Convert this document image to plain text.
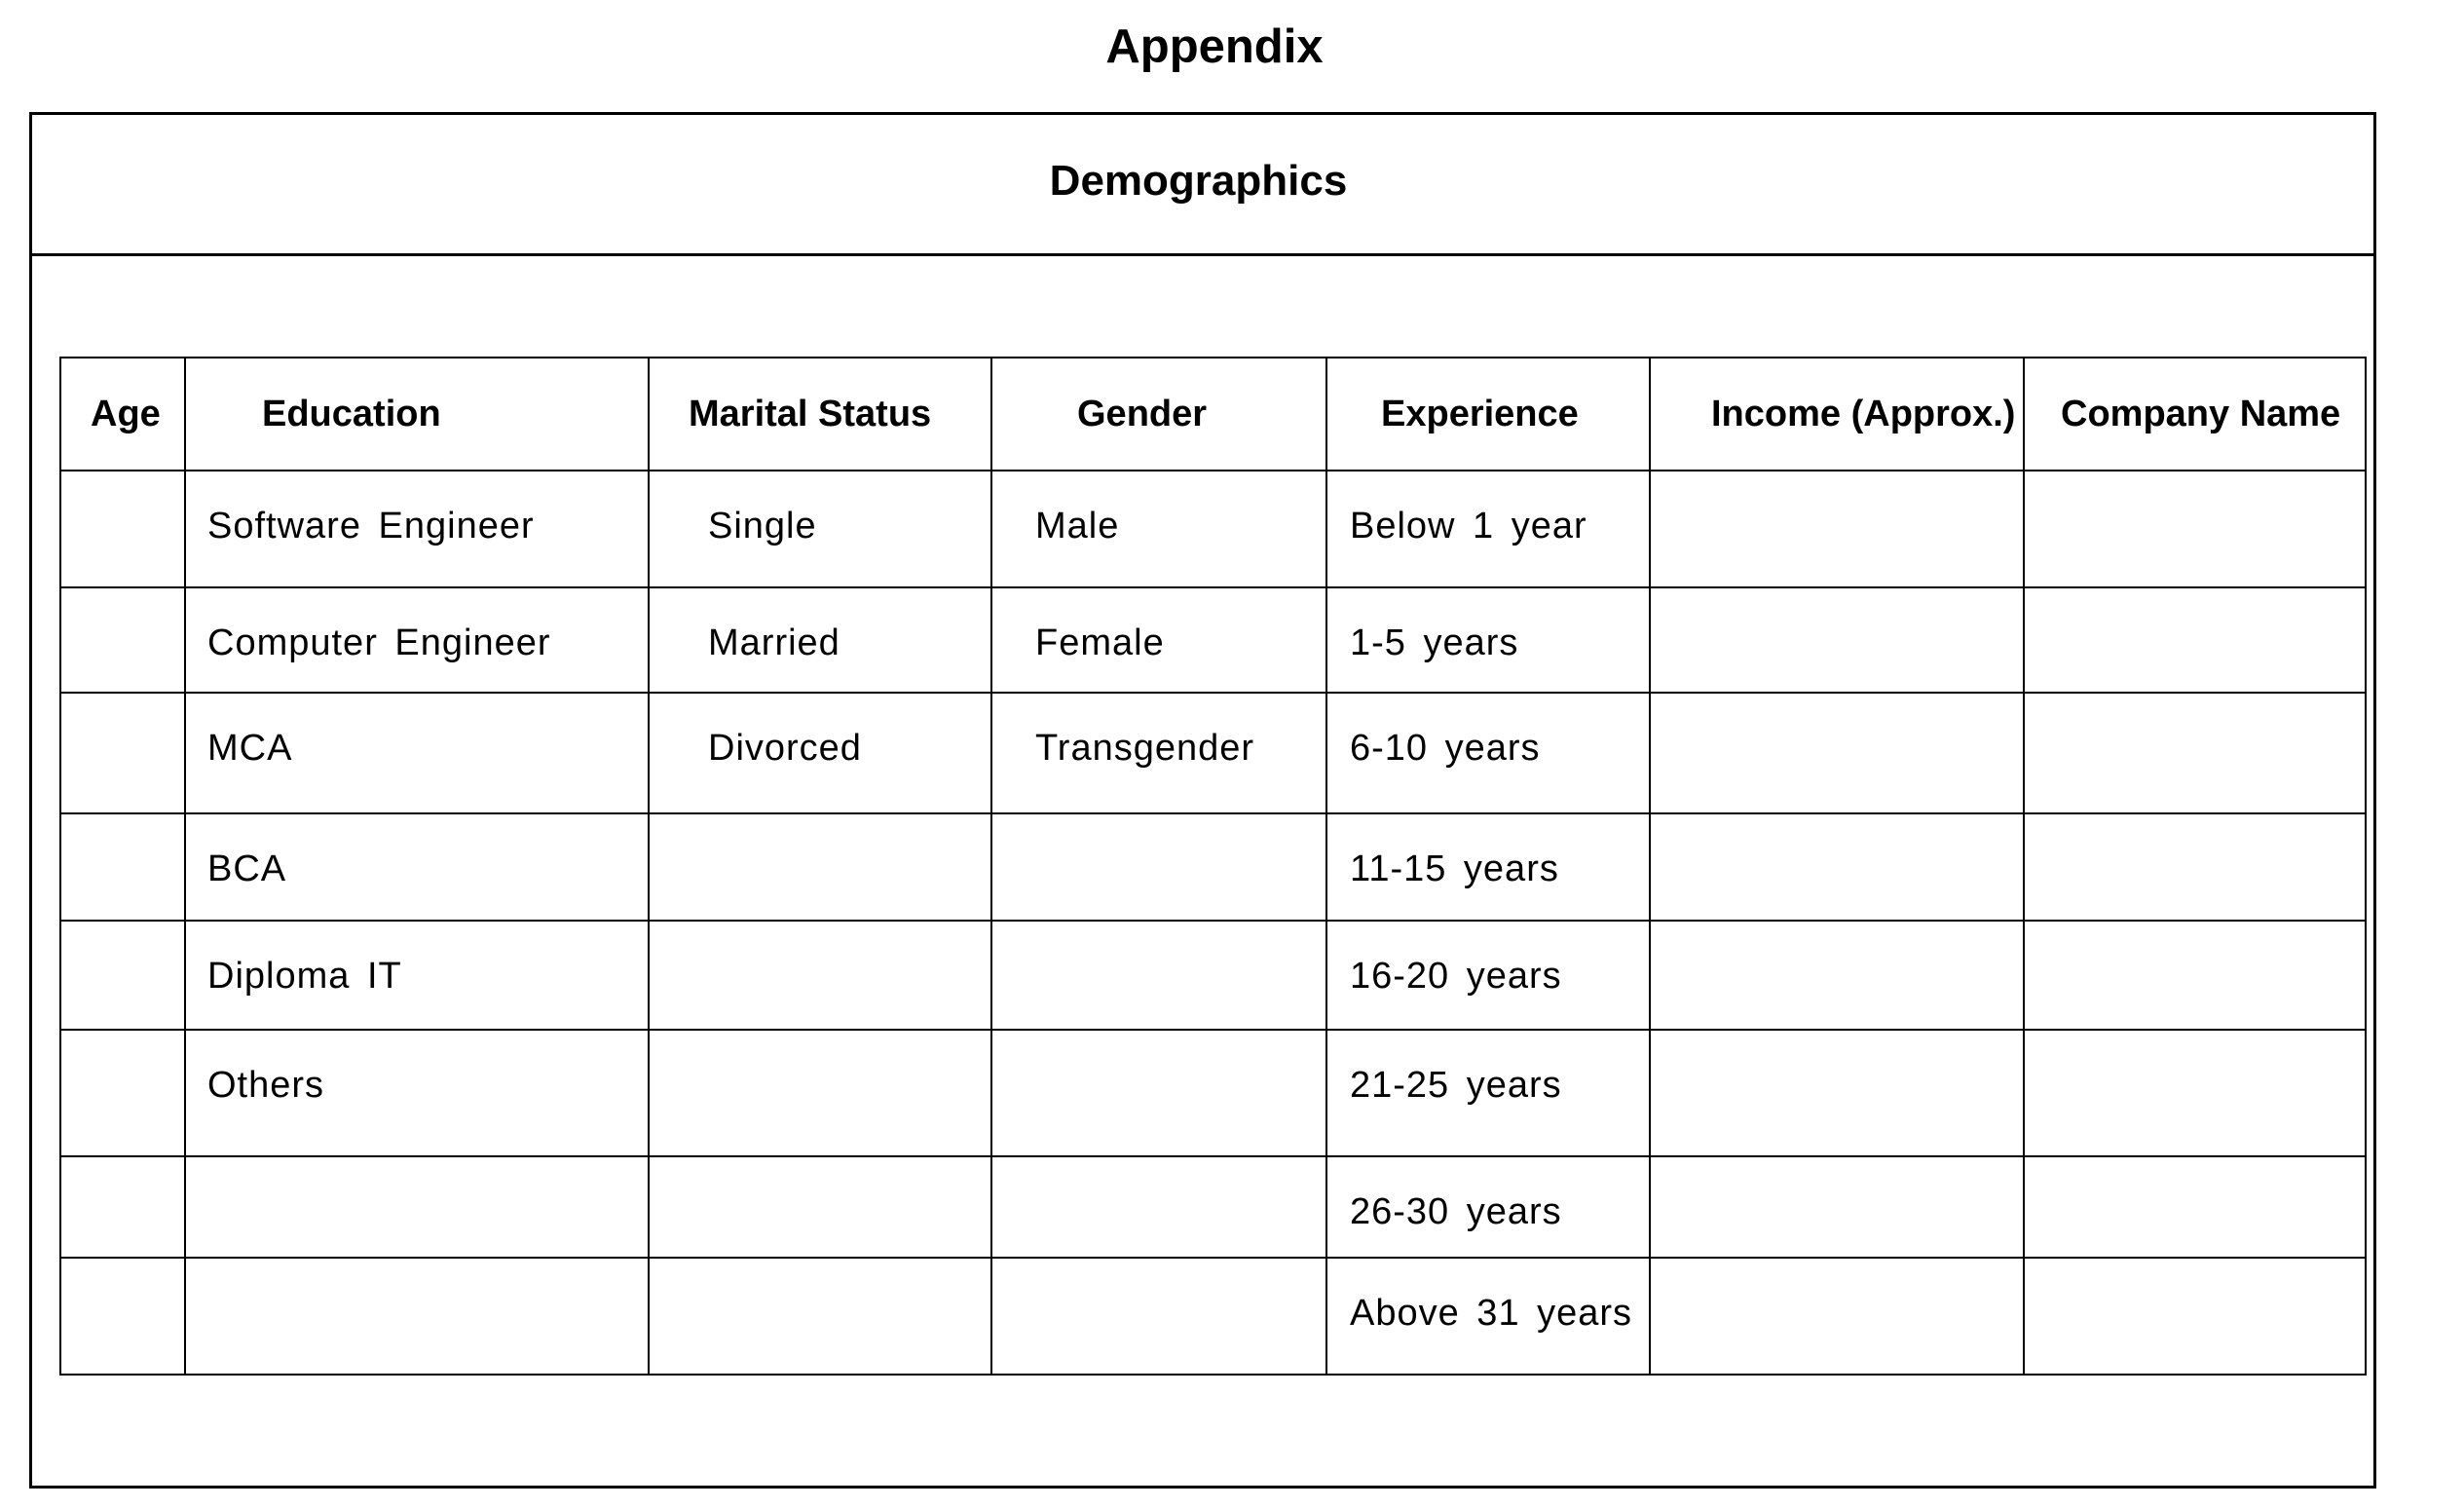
Appendix
Demographics
Age	Education	Marital Status	Gender	Experience	Income (Approx.)	Company Name

	Software Engineer	Single	Male	Below 1 year		

	Computer Engineer	Married	Female	1-5 years		

	MCA	Divorced	Transgender	6-10 years		

	BCA			11-15 years		

	Diploma IT			16-20 years		

	Others			21-25 years		

				26-30 years		

				Above 31 years		
